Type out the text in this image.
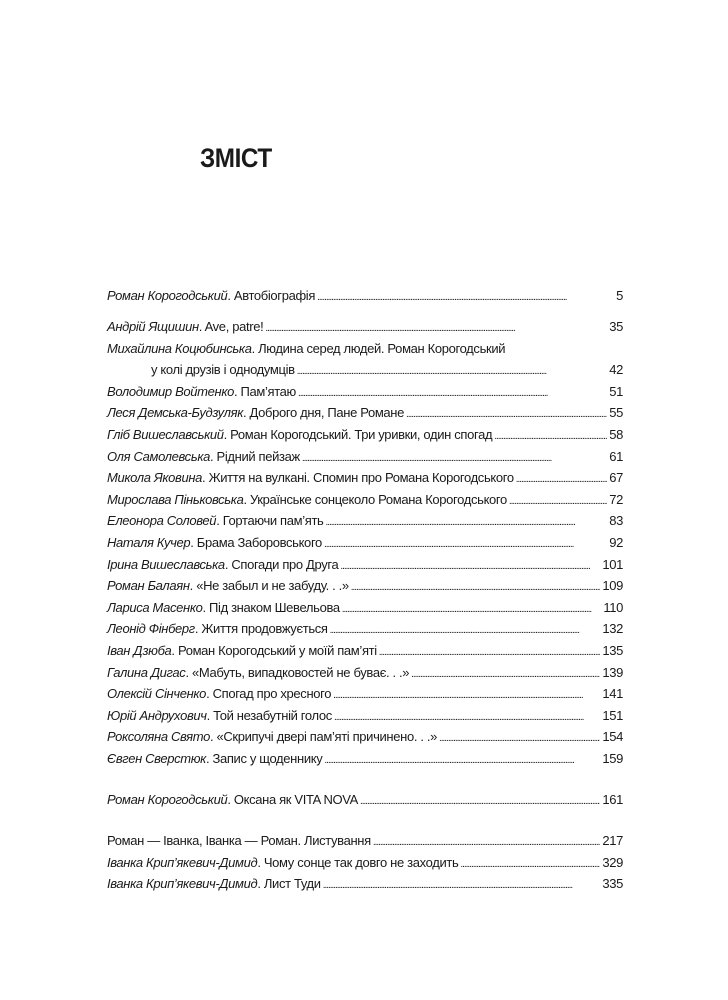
ЗМІСТ
Роман Корогодський . Автобіографія . . .	5
Андрій Ящишин . Ave, patre! . . .	35
Михайлина Коцюбинська . Людина серед людей. Роман Корогодський
у колі друзів і однодумців . . .	42
Володимир Войтенко . Пам’ятаю . . .	51
Леся Демська-Будзуляк . Доброго дня, Пане Романе . . .	55
Гліб Вишеславський . Роман Корогодський. Три уривки, один спогад . . .	58
Оля Самолевська . Рідний пейзаж . . .	61
Микола Яковина . Життя на вулкані. Спомин про Романа Корогодського . . .	67
Мирослава Піньковська . Українське сонцеколо Романа Корогодського . . .	72
Елеонора Соловей . Гортаючи пам’ять . . .	83
Наталя Кучер . Брама Заборовського . . .	92
Ірина Вишеславська . Спогади про Друга . . .	101
Роман Балаян . «Не забыл и не забуду. . .» . . .	109
Лариса Масенко . Під знаком Шевельова . . .	110
Леонід Фінберг . Життя продовжується . . .	132
Іван Дзюба . Роман Корогодський у моїй пам’яті . . .	135
Галина Дигас . «Мабуть, випадковостей не буває. . .» . . .	139
Олексій Сінченко . Спогад про хресного . . .	141
Юрій Андрухович . Той незабутній голос . . .	151
Роксоляна Свято . «Скрипучі двері пам’яті причинено. . .» . . .	154
Євген Сверстюк . Запис у щоденнику . . .	159
Роман Корогодський . Оксана як VITA NOVA . . .	161
Роман — Іванка, Іванка — Роман. Листування . . .	217
Іванка Крип’якевич-Димид . Чому сонце так довго не заходить . . .	329
Іванка Крип’якевич-Димид . Лист Туди . . .	335
